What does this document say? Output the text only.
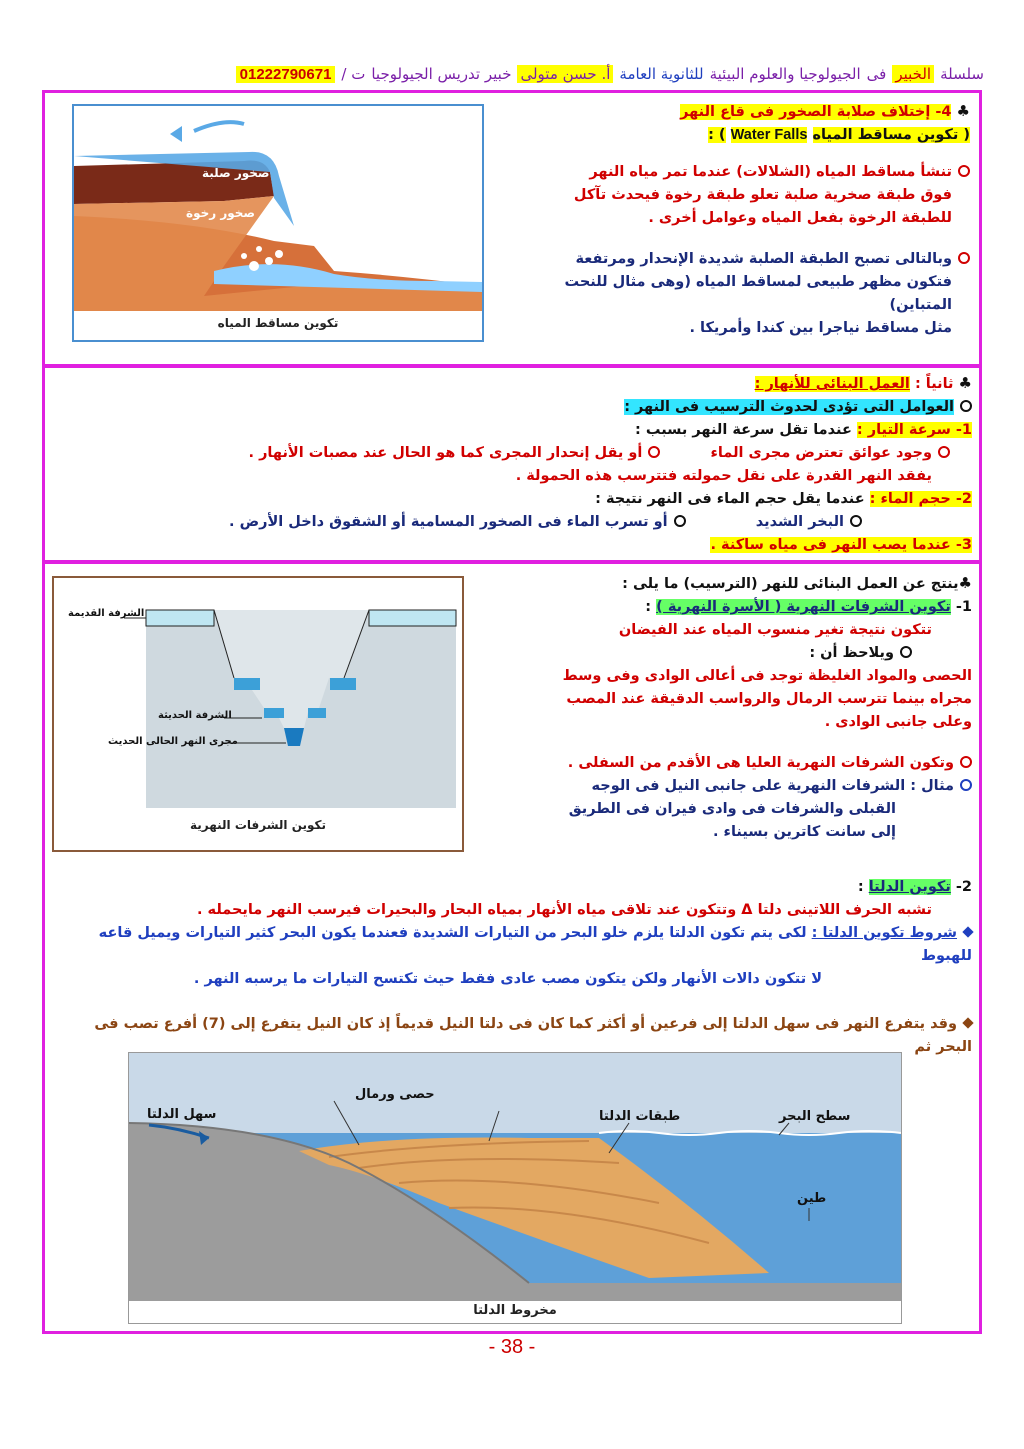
سلسلة
الخبير
فى
الجيولوجيا والعلوم البيئية
للثانوية العامة
أ. حسن متولى
خبير تدريس الجيولوجيا
ت /
01222790671
♣ 4- إختلاف صلابة الصخور فى قاع النهر
( تكوين مساقط المياه Water Falls ) :
تنشأ مساقط المياه (الشلالات) عندما تمر مياه النهر
فوق طبقة صخرية صلبة تعلو طبقة رخوة فيحدث تآكل
للطبقة الرخوة بفعل المياه وعوامل أخرى .
وبالتالى تصبح الطبقة الصلبة شديدة الإنحدار ومرتفعة
فتكون مظهر طبيعى لمساقط المياه (وهى مثال للنحت المتباين)
مثل مساقط نياجرا بين كندا وأمريكا .
صخور صلبة
صخور رخوة
تكوين مساقط المياه
♣ ثانياً : العمل البنائى للأنهار :
العوامل التى تؤدى لحدوث الترسيب فى النهر :
1- سرعة التيار : عندما تقل سرعة النهر بسبب :
وجود عوائق تعترض مجرى الماء  أو يقل إنحدار المجرى كما هو الحال عند مصبات الأنهار .
يفقد النهر القدرة على نقل حمولته فتترسب هذه الحمولة .
2- حجم الماء : عندما يقل حجم الماء فى النهر نتيجة :
البخر الشديد  أو تسرب الماء فى الصخور المسامية أو الشقوق داخل الأرض .
3- عندما يصب النهر فى مياه ساكنة .
♣ينتج عن العمل البنائى للنهر (الترسيب) ما يلى :
1- تكوين الشرفات النهرية ( الأسرة النهرية ) :
تتكون نتيجة تغير منسوب المياه عند الفيضان
ويلاحظ أن :
الحصى والمواد الغليظة توجد فى أعالى الوادى وفى وسط
مجراه بينما تترسب الرمال والرواسب الدقيقة عند المصب
وعلى جانبى الوادى .
وتكون الشرفات النهرية العليا هى الأقدم من السفلى .
مثال : الشرفات النهرية على جانبى النيل فى الوجه
القبلى والشرفات فى وادى فيران فى الطريق
إلى سانت كاترين بسيناء .
الشرفة القديمة
الشرفة الحديثة
مجرى النهر الحالى الحديث
تكوين الشرفات النهرية
2- تكوين الدلتا :
تشبه الحرف اللاتينى دلتا Δ وتتكون عند تلاقى مياه الأنهار بمياه البحار والبحيرات فيرسب النهر مايحمله .
شروط تكوين الدلتا : لكى يتم تكون الدلتا يلزم خلو البحر من التيارات الشديدة فعندما يكون البحر كثير التيارات ويميل قاعه للهبوط
لا تتكون دالات الأنهار ولكن يتكون مصب عادى فقط حيث تكتسح التيارات ما يرسبه النهر .
وقد يتفرع النهر فى سهل الدلتا إلى فرعين أو أكثر كما كان فى دلتا النيل قديماً إذ كان النيل يتفرع إلى (7) أفرع تصب فى البحر ثم
سهل الدلتا
حصى ورمال
طبقات الدلتا	سطح البحر
طين
مخروط الدلتا
- 38 -
